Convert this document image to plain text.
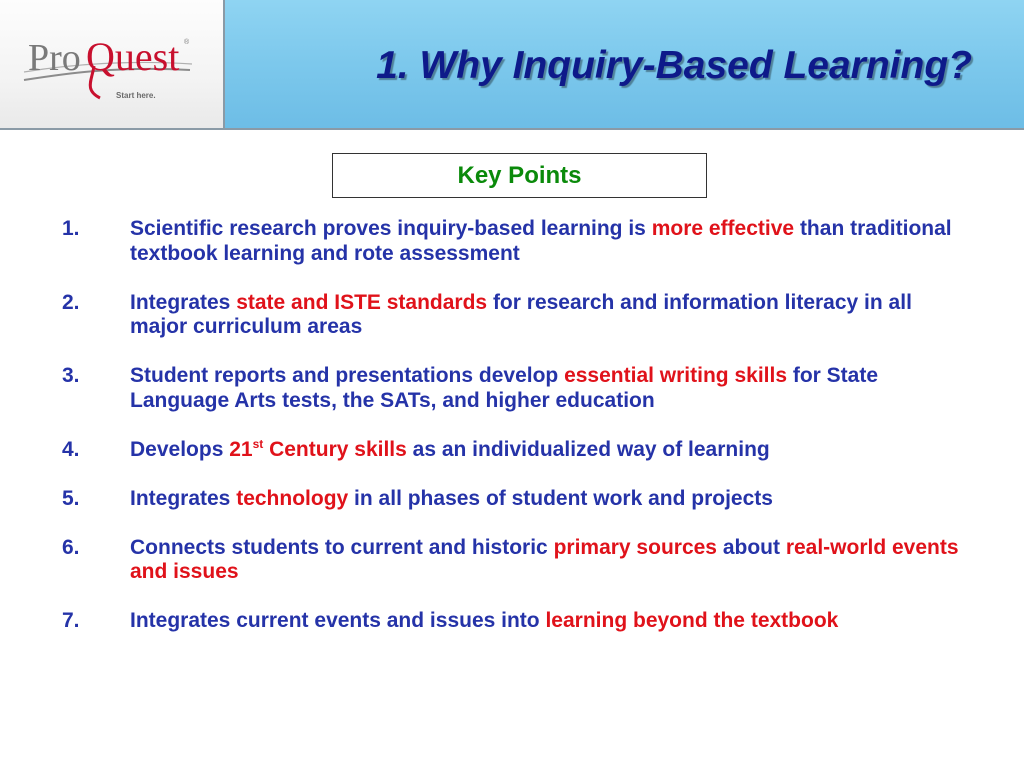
Pro Quest ®
Start here.
1. Why Inquiry-Based Learning?
Key Points
1. Scientific research proves inquiry-based learning is more effective than traditional textbook learning and rote assessment
2. Integrates state and ISTE standards for research and information literacy in all major curriculum areas
3. Student reports and presentations develop essential writing skills for State Language Arts tests, the SATs, and higher education
4. Develops 21st Century skills as an individualized way of learning
5. Integrates technology in all phases of student work and projects
6. Connects students to current and historic primary sources about real-world events and issues
7. Integrates current events and issues into learning beyond the textbook
